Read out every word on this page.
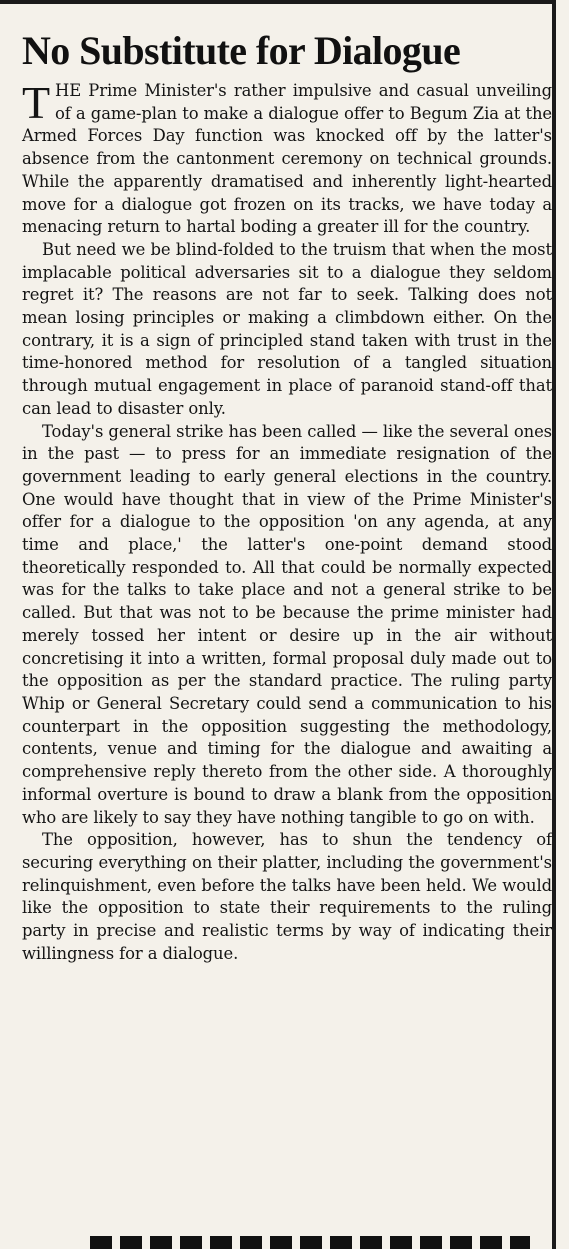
No Substitute for Dialogue

THE Prime Minister's rather impulsive and casual unveiling of a game-plan to make a dialogue offer to Begum Zia at the Armed Forces Day function was knocked off by the latter's absence from the cantonment ceremony on technical grounds. While the apparently dramatised and inherently light-hearted move for a dialogue got frozen on its tracks, we have today a menacing return to hartal boding a greater ill for the country.

But need we be blind-folded to the truism that when the most implacable political adversaries sit to a dialogue they seldom regret it? The reasons are not far to seek. Talking does not mean losing principles or making a climbdown either. On the contrary, it is a sign of principled stand taken with trust in the time-honored method for resolution of a tangled situation through mutual engagement in place of paranoid stand-off that can lead to disaster only.

Today's general strike has been called — like the several ones in the past — to press for an immediate resignation of the government leading to early general elections in the country. One would have thought that in view of the Prime Minister's offer for a dialogue to the opposition 'on any agenda, at any time and place,' the latter's one-point demand stood theoretically responded to. All that could be normally expected was for the talks to take place and not a general strike to be called. But that was not to be because the prime minister had merely tossed her intent or desire up in the air without concretising it into a written, formal proposal duly made out to the opposition as per the standard practice. The ruling party Whip or General Secretary could send a communication to his counterpart in the opposition suggesting the methodology, contents, venue and timing for the dialogue and awaiting a comprehensive reply thereto from the other side. A thoroughly informal overture is bound to draw a blank from the opposition who are likely to say they have nothing tangible to go on with.

The opposition, however, has to shun the tendency of securing everything on their platter, including the government's relinquishment, even before the talks have been held. We would like the opposition to state their requirements to the ruling party in precise and realistic terms by way of indicating their willingness for a dialogue.
